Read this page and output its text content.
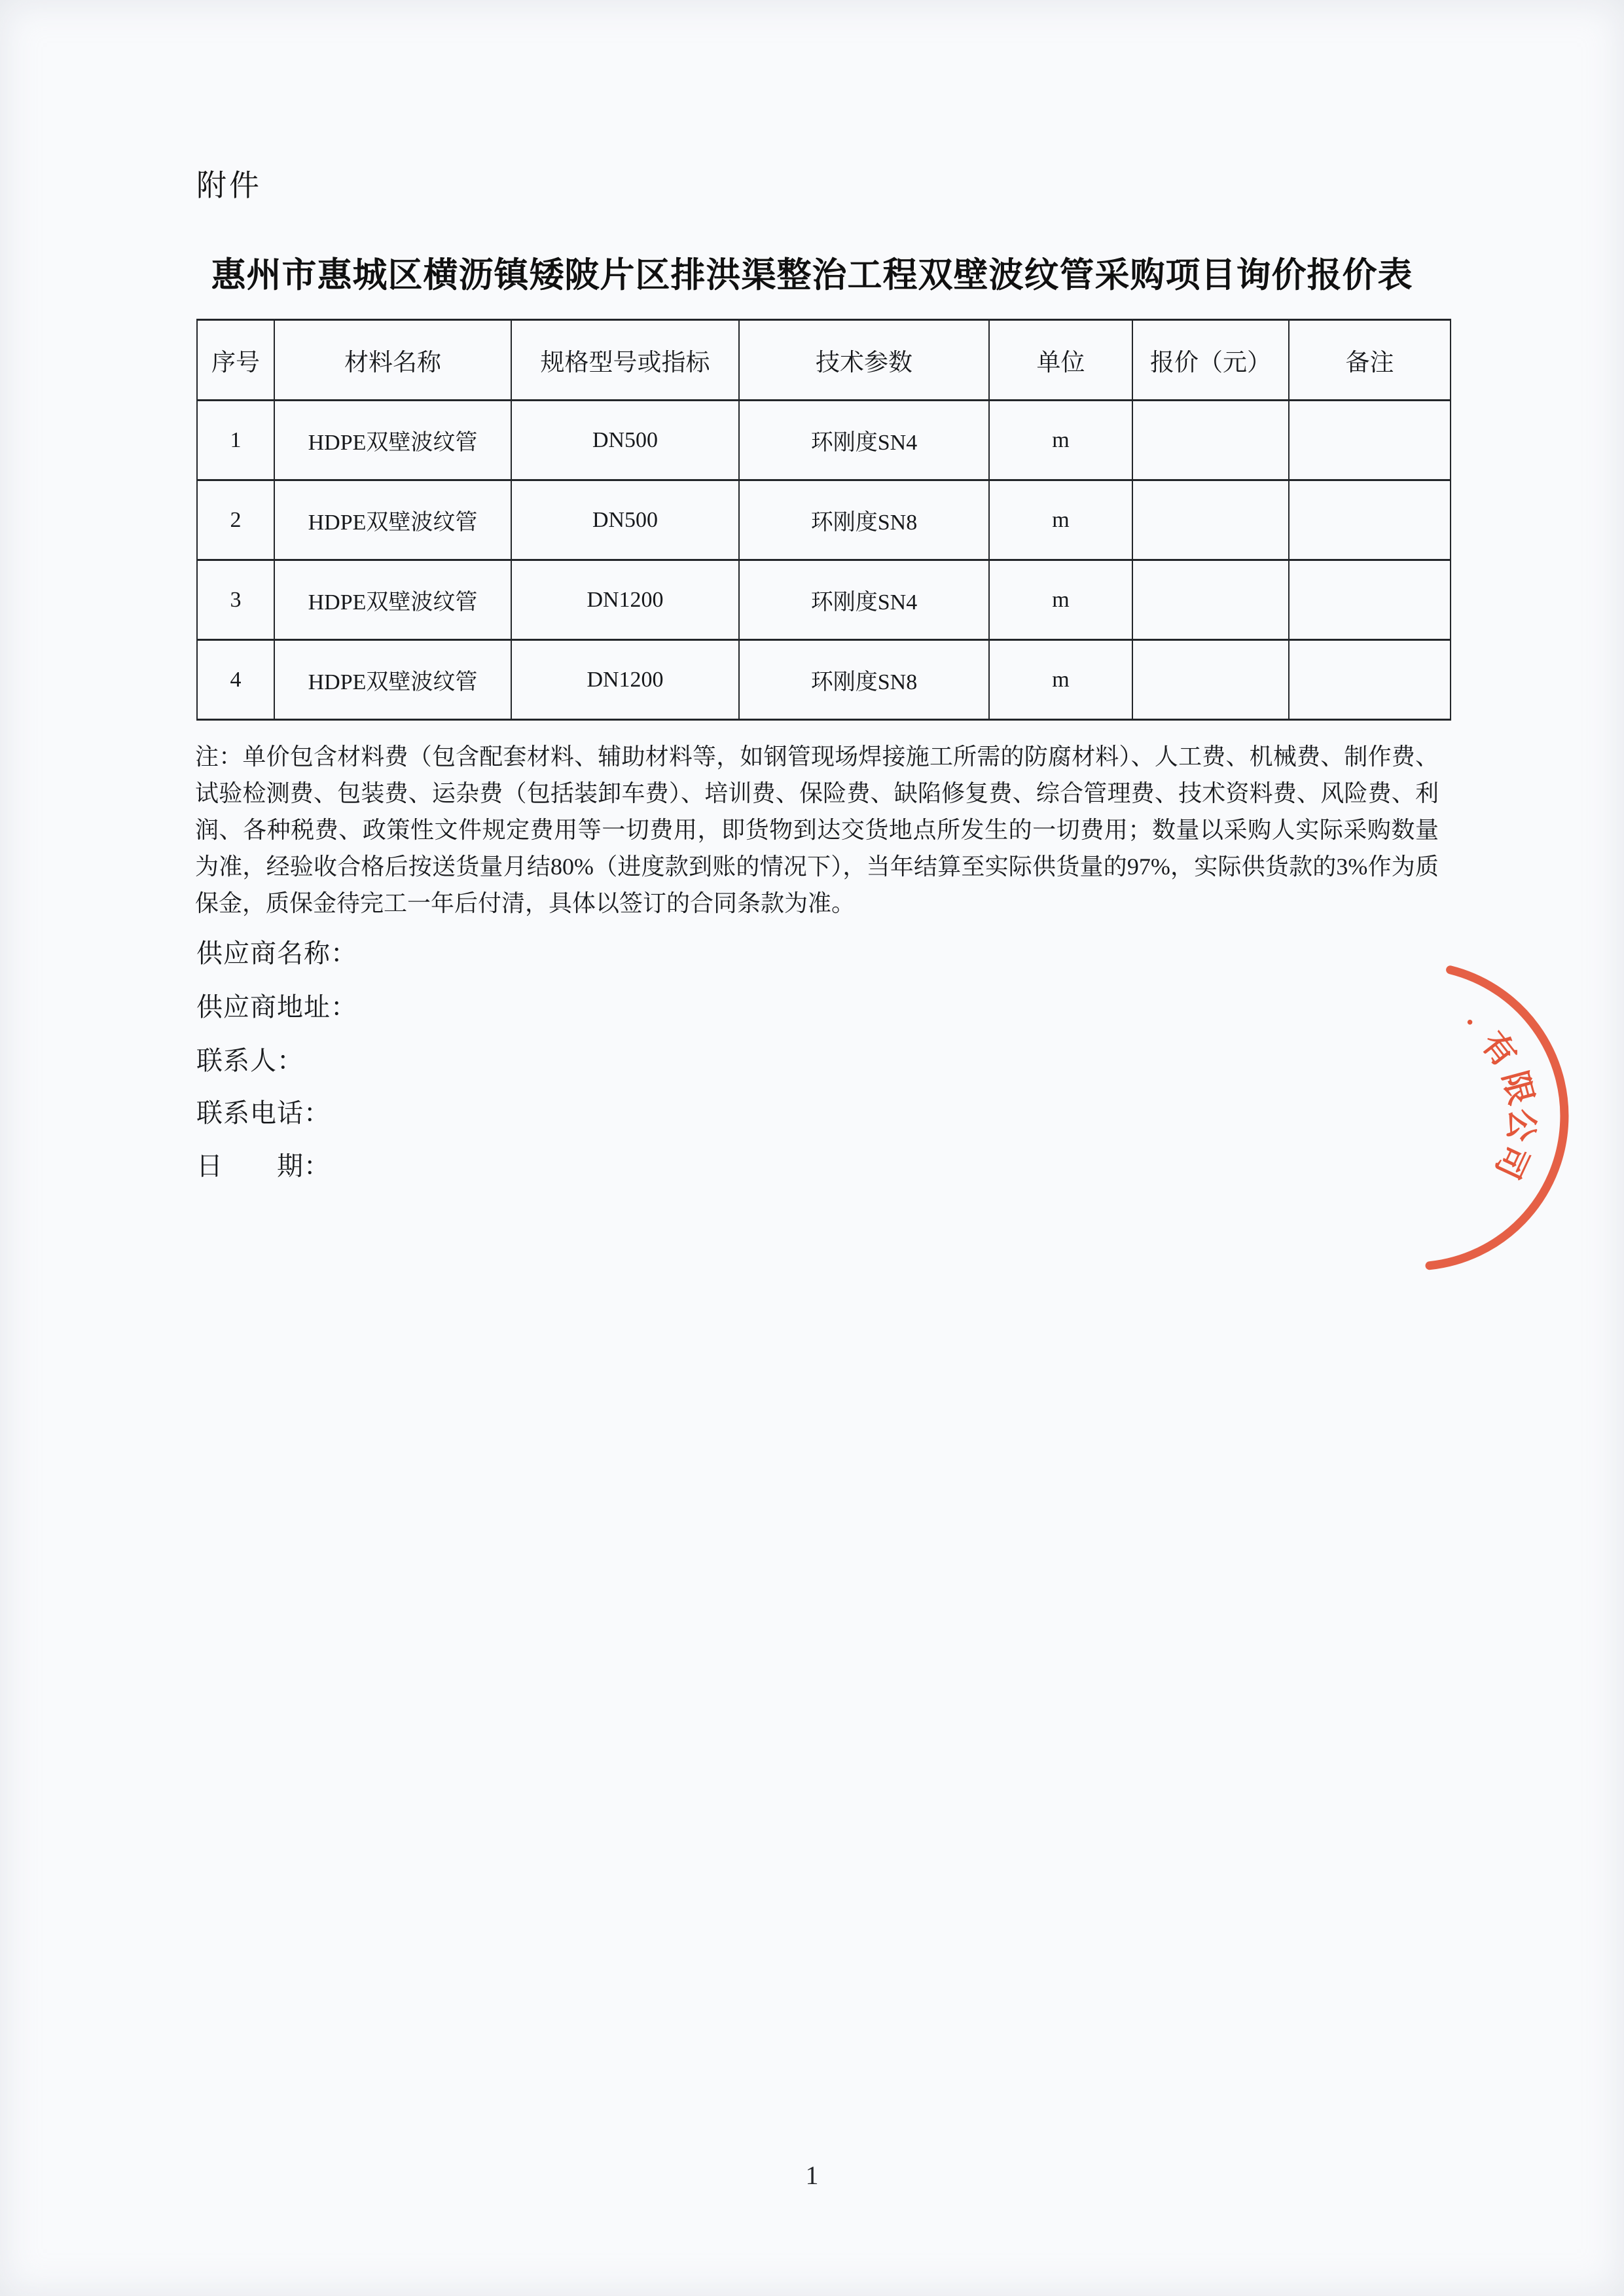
附件
惠州市惠城区横沥镇矮陂片区排洪渠整治工程双壁波纹管采购项目询价报价表
序号	材料名称	规格型号或指标	技术参数	单位	报价（元）	备注
1	HDPE双壁波纹管	DN500	环刚度SN4	m		
2	HDPE双壁波纹管	DN500	环刚度SN8	m		
3	HDPE双壁波纹管	DN1200	环刚度SN4	m		
4	HDPE双壁波纹管	DN1200	环刚度SN8	m		
注：单价包含材料费（包含配套材料、辅助材料等，如钢管现场焊接施工所需的防腐材料）、人工费、机械费、制作费、试验检测费、包装费、运杂费（包括装卸车费）、培训费、保险费、缺陷修复费、综合管理费、技术资料费、风险费、利润、各种税费、政策性文件规定费用等一切费用，即货物到达交货地点所发生的一切费用；数量以采购人实际采购数量为准，经验收合格后按送货量月结80%（进度款到账的情况下），当年结算至实际供货量的97%，实际供货款的3%作为质保金，质保金待完工一年后付清，具体以签订的合同条款为准。
供应商名称：
供应商地址：
联系人：
联系电话：
日　　期：
·
有
限
公
司
1
